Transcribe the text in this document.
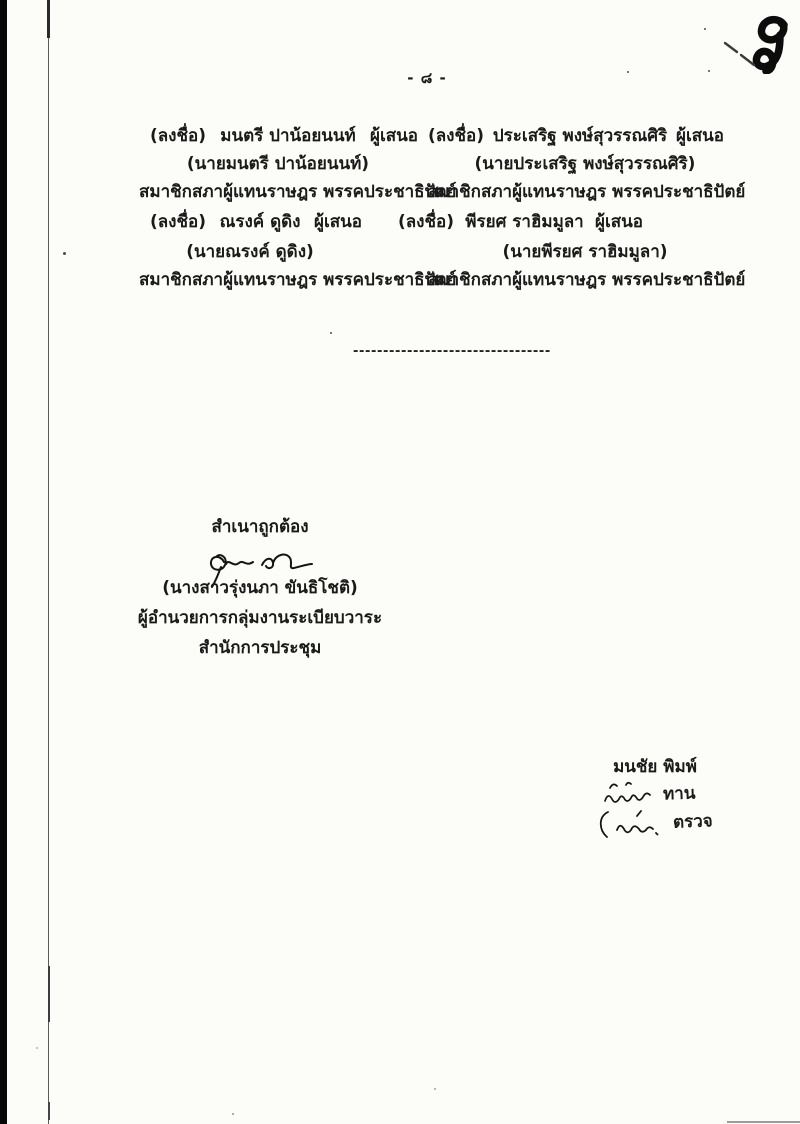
- ๘ -
(ลงชื่อ) มนตรี ปาน้อยนนท์ ผู้เสนอ
(นายมนตรี ปาน้อยนนท์)
สมาชิกสภาผู้แทนราษฎร พรรคประชาธิปัตย์
(ลงชื่อ) ประเสริฐ พงษ์สุวรรณศิริ ผู้เสนอ
(นายประเสริฐ พงษ์สุวรรณศิริ)
สมาชิกสภาผู้แทนราษฎร พรรคประชาธิปัตย์
(ลงชื่อ) ณรงค์ ดูดิง ผู้เสนอ
(นายณรงค์ ดูดิง)
สมาชิกสภาผู้แทนราษฎร พรรคประชาธิปัตย์
(ลงชื่อ) พีรยศ ราฮิมมูลา ผู้เสนอ
(นายพีรยศ ราฮิมมูลา)
สมาชิกสภาผู้แทนราษฎร พรรคประชาธิปัตย์
---------------------------------
สำเนาถูกต้อง
(นางสาวรุ่งนภา ขันธิโชติ)
ผู้อำนวยการกลุ่มงานระเบียบวาระ
สำนักการประชุม
มนชัย พิมพ์
ทาน
ตรวจ
